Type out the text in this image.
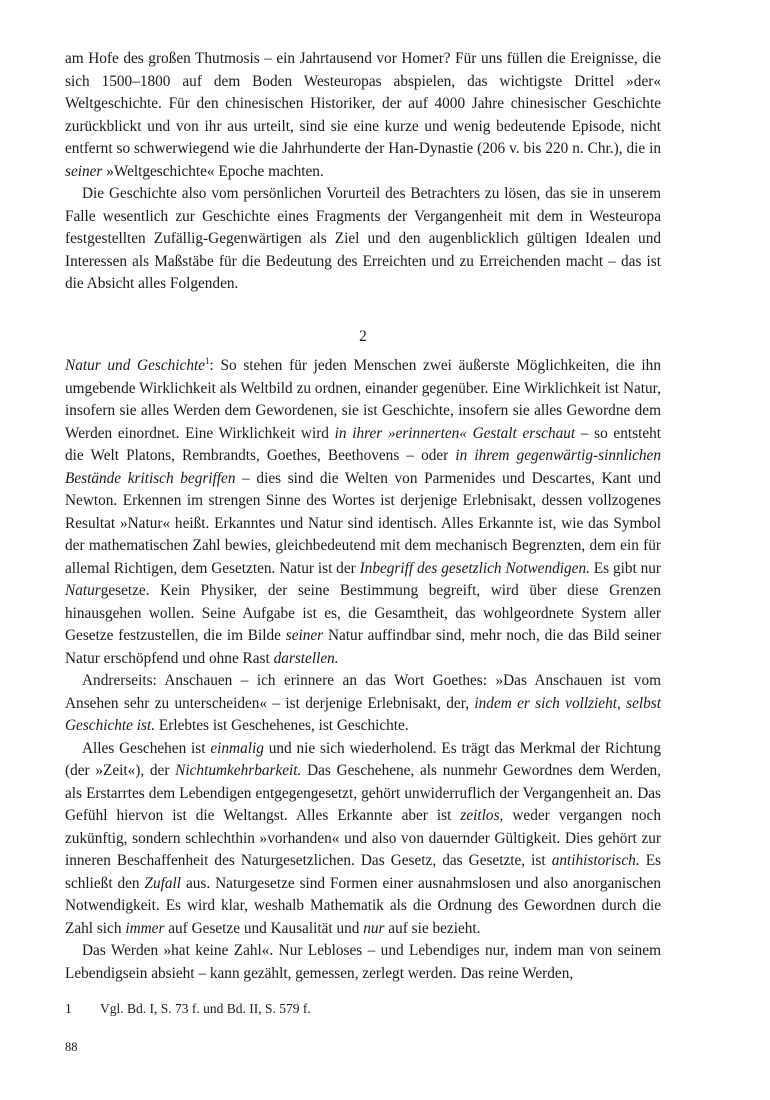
am Hofe des großen Thutmosis – ein Jahrtausend vor Homer? Für uns füllen die Ereignisse, die sich 1500–1800 auf dem Boden Westeuropas abspielen, das wichtigste Drittel »der« Weltgeschichte. Für den chinesischen Historiker, der auf 4000 Jahre chinesischer Geschichte zurückblickt und von ihr aus urteilt, sind sie eine kurze und wenig bedeutende Episode, nicht entfernt so schwerwiegend wie die Jahrhunderte der Han-Dynastie (206 v. bis 220 n. Chr.), die in seiner »Weltgeschichte« Epoche machten.

Die Geschichte also vom persönlichen Vorurteil des Betrachters zu lösen, das sie in unserem Falle wesentlich zur Geschichte eines Fragments der Vergangenheit mit dem in Westeuropa festgestellten Zufällig-Gegenwärtigen als Ziel und den augenblicklich gültigen Idealen und Interessen als Maßstäbe für die Bedeutung des Erreichten und zu Erreichenden macht – das ist die Absicht alles Folgenden.

2

Natur und Geschichte$^1$: So stehen für jeden Menschen zwei äußerste Möglichkeiten, die ihn umgebende Wirklichkeit als Weltbild zu ordnen, einander gegenüber. Eine Wirklichkeit ist Natur, insofern sie alles Werden dem Gewordenen, sie ist Geschichte, insofern sie alles Gewordne dem Werden einordnet. Eine Wirklichkeit wird in ihrer »erinnerten« Gestalt erschaut – so entsteht die Welt Platons, Rembrandts, Goethes, Beethovens – oder in ihrem gegenwärtig-sinnlichen Bestände kritisch begriffen – dies sind die Welten von Parmenides und Descartes, Kant und Newton. Erkennen im strengen Sinne des Wortes ist derjenige Erlebnisakt, dessen vollzogenes Resultat »Natur« heißt. Erkanntes und Natur sind identisch. Alles Erkannte ist, wie das Symbol der mathematischen Zahl bewies, gleichbedeutend mit dem mechanisch Begrenzten, dem ein für allemal Richtigen, dem Gesetzten. Natur ist der Inbegriff des gesetzlich Notwendigen. Es gibt nur Naturgesetze. Kein Physiker, der seine Bestimmung begreift, wird über diese Grenzen hinausgehen wollen. Seine Aufgabe ist es, die Gesamtheit, das wohlgeordnete System aller Gesetze festzustellen, die im Bilde seiner Natur auffindbar sind, mehr noch, die das Bild seiner Natur erschöpfend und ohne Rast darstellen.

Andrerseits: Anschauen – ich erinnere an das Wort Goethes: »Das Anschauen ist vom Ansehen sehr zu unterscheiden« – ist derjenige Erlebnisakt, der, indem er sich vollzieht, selbst Geschichte ist. Erlebtes ist Geschehenes, ist Geschichte.

Alles Geschehen ist einmalig und nie sich wiederholend. Es trägt das Merkmal der Richtung (der »Zeit«), der Nichtumkehrbarkeit. Das Geschehene, als nunmehr Gewordnes dem Werden, als Erstarrtes dem Lebendigen entgegengesetzt, gehört unwiderruflich der Vergangenheit an. Das Gefühl hiervon ist die Weltangst. Alles Erkannte aber ist zeitlos, weder vergangen noch zukünftig, sondern schlechthin »vorhanden« und also von dauernder Gültigkeit. Dies gehört zur inneren Beschaffenheit des Naturgesetzlichen. Das Gesetz, das Gesetzte, ist antihistorisch. Es schließt den Zufall aus. Naturgesetze sind Formen einer ausnahmslosen und also anorganischen Notwendigkeit. Es wird klar, weshalb Mathematik als die Ordnung des Gewordnen durch die Zahl sich immer auf Gesetze und Kausalität und nur auf sie bezieht.

Das Werden »hat keine Zahl«. Nur Lebloses – und Lebendiges nur, indem man von seinem Lebendigsein absieht – kann gezählt, gemessen, zerlegt werden. Das reine Werden,

1 Vgl. Bd. I, S. 73 f. und Bd. II, S. 579 f.
88
